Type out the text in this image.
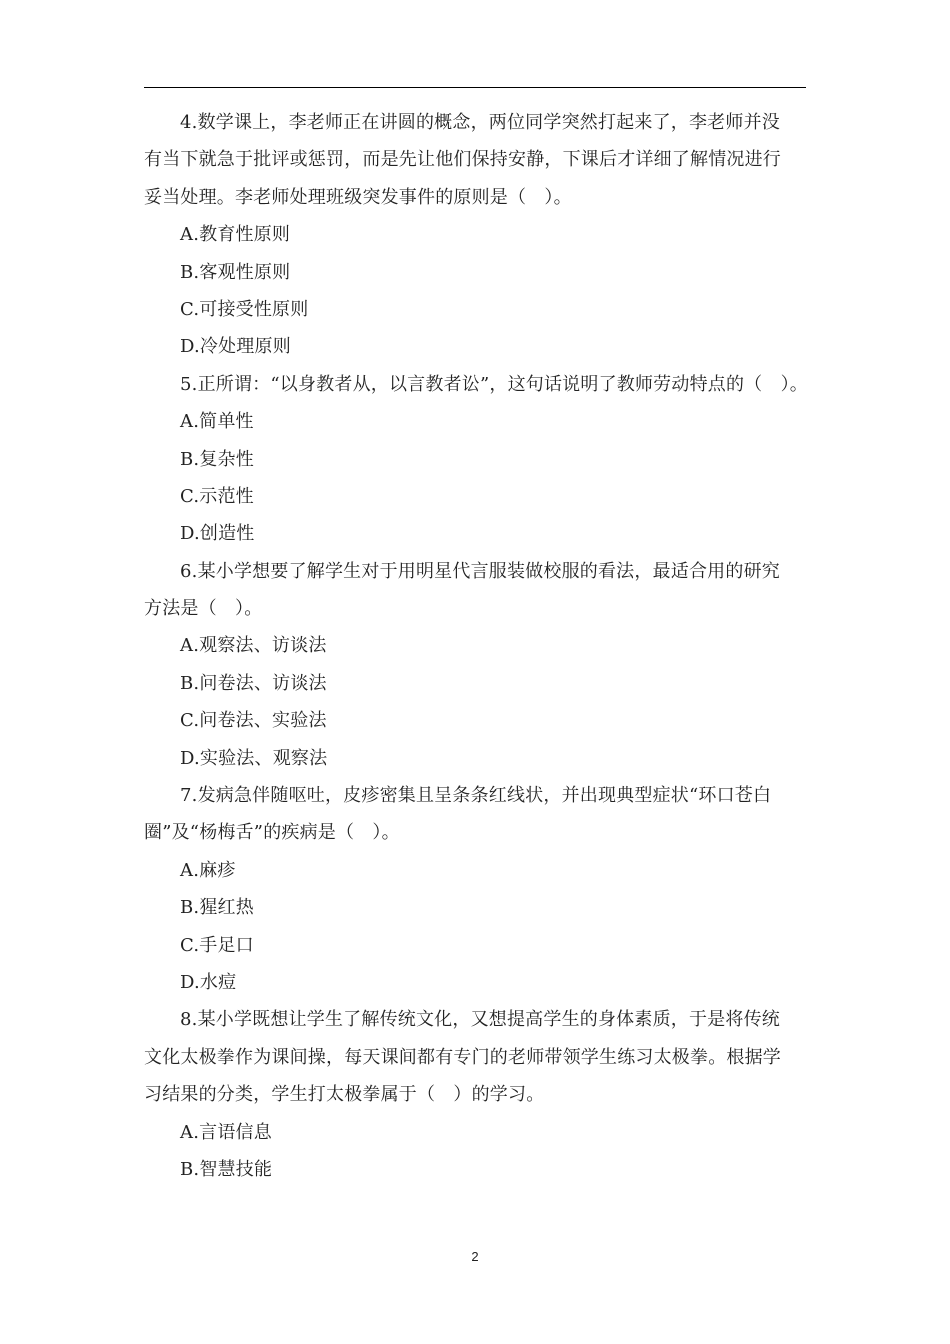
4.数学课上，李老师正在讲圆的概念，两位同学突然打起来了，李老师并没
有当下就急于批评或惩罚，而是先让他们保持安静，下课后才详细了解情况进行
妥当处理。李老师处理班级突发事件的原则是（　）。
A.教育性原则
B.客观性原则
C.可接受性原则
D.冷处理原则
5.正所谓：“以身教者从，以言教者讼”，这句话说明了教师劳动特点的（　）。
A.简单性
B.复杂性
C.示范性
D.创造性
6.某小学想要了解学生对于用明星代言服装做校服的看法，最适合用的研究
方法是（　）。
A.观察法、访谈法
B.问卷法、访谈法
C.问卷法、实验法
D.实验法、观察法
7.发病急伴随呕吐，皮疹密集且呈条条红线状，并出现典型症状“环口苍白
圈”及“杨梅舌”的疾病是（　）。
A.麻疹
B.猩红热
C.手足口
D.水痘
8.某小学既想让学生了解传统文化，又想提高学生的身体素质，于是将传统
文化太极拳作为课间操，每天课间都有专门的老师带领学生练习太极拳。根据学
习结果的分类，学生打太极拳属于（　）的学习。
A.言语信息
B.智慧技能
2
